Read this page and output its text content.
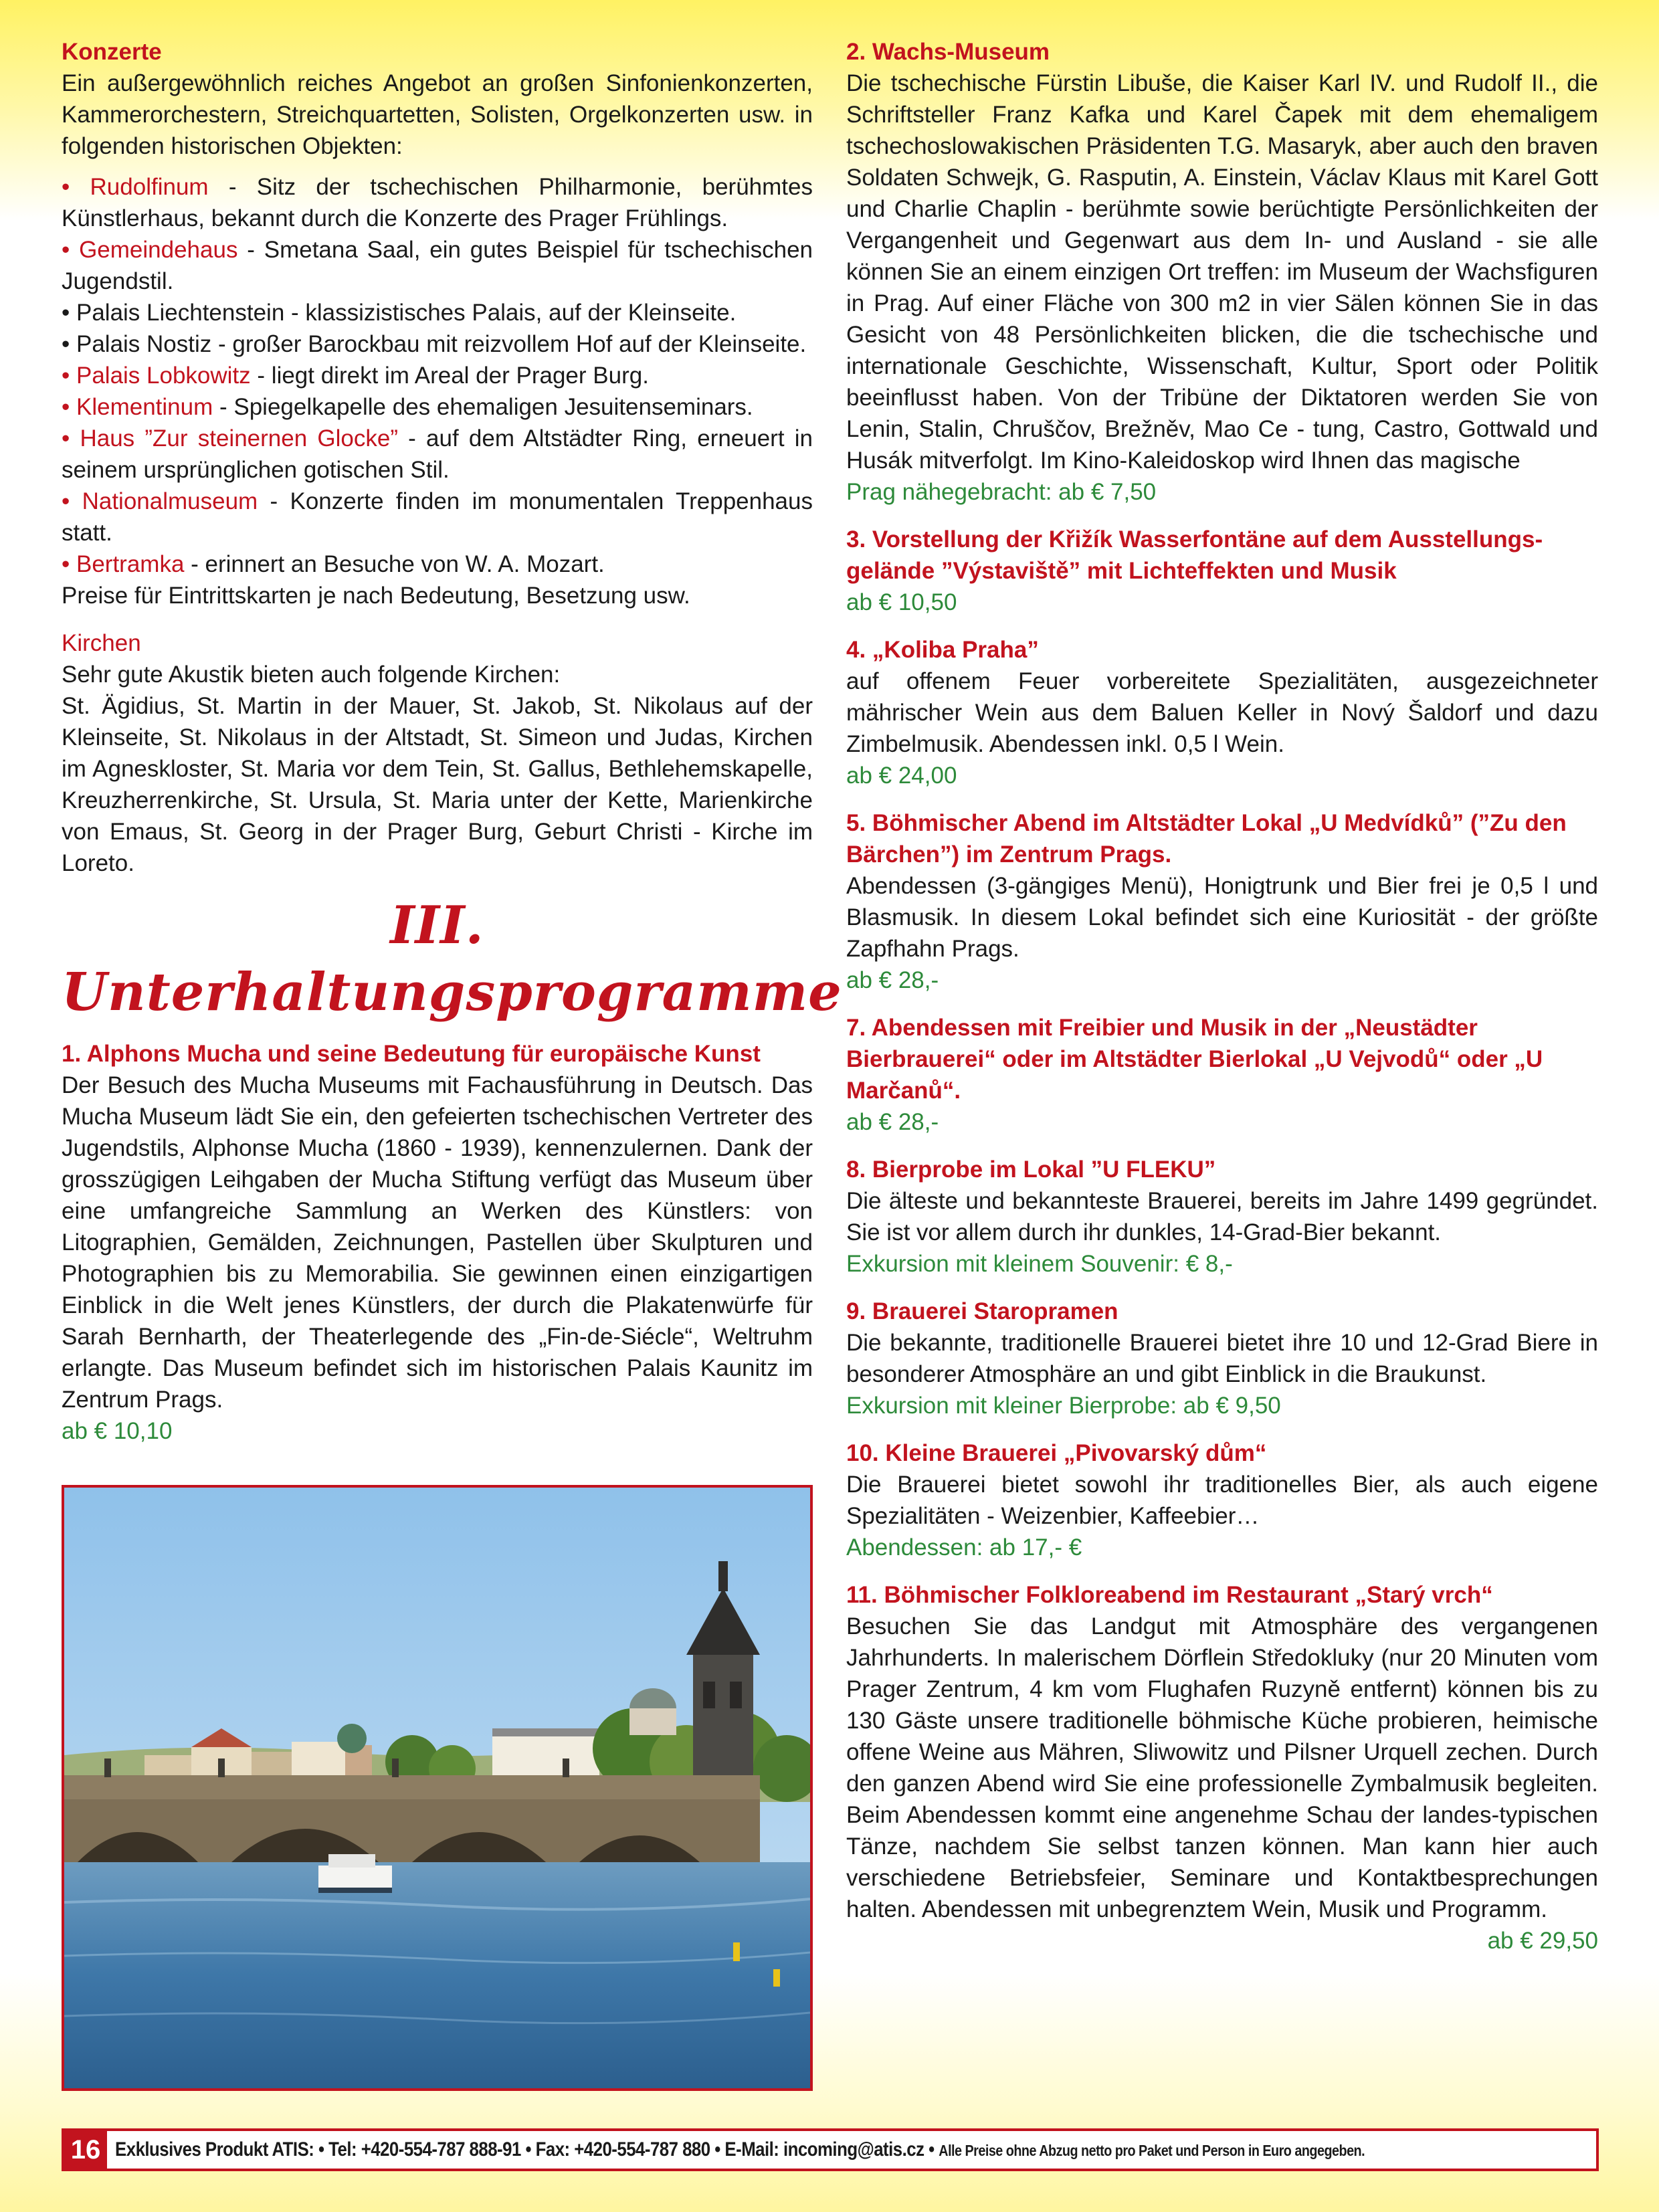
Konzerte

Ein außergewöhnlich reiches Angebot an großen Sinfonienkonzerten, Kammerorchestern, Streichquartetten, Solisten, Orgelkonzerten usw. in folgenden historischen Objekten:

• Rudolfinum - Sitz der tschechischen Philharmonie, berühmtes Künstlerhaus, bekannt durch die Konzerte des Prager Frühlings.
• Gemeindehaus - Smetana Saal, ein gutes Beispiel für tschechischen Jugendstil.
• Palais Liechtenstein - klassizistisches Palais, auf der Kleinseite.
• Palais Nostiz - großer Barockbau mit reizvollem Hof auf der Kleinseite.
• Palais Lobkowitz - liegt direkt im Areal der Prager Burg.
• Klementinum - Spiegelkapelle des ehemaligen Jesuitenseminars.
• Haus ”Zur steinernen Glocke” - auf dem Altstädter Ring, erneuert in seinem ursprünglichen gotischen Stil.
• Nationalmuseum - Konzerte finden im monumentalen Treppenhaus statt.
• Bertramka - erinnert an Besuche von W. A. Mozart.

Preise für Eintrittskarten je nach Bedeutung, Besetzung usw.

Kirchen

Sehr gute Akustik bieten auch folgende Kirchen:

St. Ägidius, St. Martin in der Mauer, St. Jakob, St. Nikolaus auf der Kleinseite, St. Nikolaus in der Altstadt, St. Simeon und Judas, Kirchen im Agneskloster, St. Maria vor dem Tein, St. Gallus, Bethlehemskapelle, Kreuzherrenkirche, St. Ursula, St. Maria unter der Kette, Marienkirche von Emaus, St. Georg in der Prager Burg, Geburt Christi - Kirche im Loreto.

III. Unterhaltungsprogramme
1. Alphons Mucha und seine Bedeutung für europäische Kunst

Der Besuch des Mucha Museums mit Fachausführung in Deutsch. Das Mucha Museum lädt Sie ein, den gefeierten tschechischen Vertreter des Jugendstils, Alphonse Mucha (1860 - 1939), kennenzulernen. Dank der grosszügigen Leihgaben der Mucha Stiftung verfügt das Museum über eine umfangreiche Sammlung an Werken des Künstlers: von Litographien, Gemälden, Zeichnungen, Pastellen über Skulpturen und Photographien bis zu Memorabilia. Sie gewinnen einen einzigartigen Einblick in die Welt jenes Künstlers, der durch die Plakatenwürfe für Sarah Bernharth, der Theaterlegende des „Fin-de-Siécle“, Weltruhm erlangte. Das Museum befindet sich im historischen Palais Kaunitz im Zentrum Prags.

ab € 10,10
2. Wachs-Museum

Die tschechische Fürstin Libuše, die Kaiser Karl IV. und Rudolf II., die Schriftsteller Franz Kafka und Karel Čapek mit dem ehemaligem tschechoslowakischen Präsidenten T.G. Masaryk, aber auch den braven Soldaten Schwejk, G. Rasputin, A. Einstein, Václav Klaus mit Karel Gott und Charlie Chaplin - berühmte sowie berüchtigte Persönlichkeiten der Vergangenheit und Gegenwart aus dem In- und Ausland - sie alle können Sie an einem einzigen Ort treffen: im Museum der Wachsfiguren in Prag. Auf einer Fläche von 300 m2 in vier Sälen können Sie in das Gesicht von 48 Persönlichkeiten blicken, die die tschechische und internationale Geschichte, Wissenschaft, Kultur, Sport oder Politik beeinflusst haben. Von der Tribüne der Diktatoren werden Sie von Lenin, Stalin, Chruščov, Brežněv, Mao Ce - tung, Castro, Gottwald und Husák mitverfolgt. Im Kino-Kaleidoskop wird Ihnen das magische

Prag nähegebracht: ab € 7,50
3. Vorstellung der Křižík Wasserfontäne auf dem Ausstellungs-gelände ”Výstaviště” mit Lichteffekten und Musik
ab € 10,50
4. „Koliba Praha”

auf offenem Feuer vorbereitete Spezialitäten, ausgezeichneter mährischer Wein aus dem Baluen Keller in Nový Šaldorf und dazu Zimbelmusik. Abendessen inkl. 0,5 l Wein.

ab € 24,00
5. Böhmischer Abend im Altstädter Lokal „U Medvídků” (”Zu den Bärchen”) im Zentrum Prags.

Abendessen (3-gängiges Menü), Honigtrunk und Bier frei je 0,5 l und Blasmusik. In diesem Lokal befindet sich eine Kuriosität - der größte Zapfhahn Prags.

ab € 28,-
7. Abendessen mit Freibier und Musik in der „Neustädter Bierbrauerei“ oder im Altstädter Bierlokal „U Vejvodů“ oder „U Marčanů“.
ab € 28,-
8. Bierprobe im Lokal ”U FLEKU”

Die älteste und bekannteste Brauerei, bereits im Jahre 1499 gegründet. Sie ist vor allem durch ihr dunkles, 14-Grad-Bier bekannt.

Exkursion mit kleinem Souvenir: € 8,-
9. Brauerei Staropramen

Die bekannte, traditionelle Brauerei bietet ihre 10 und 12-Grad Biere in besonderer Atmosphäre an und gibt Einblick in die Braukunst.

Exkursion mit kleiner Bierprobe: ab € 9,50
10. Kleine Brauerei „Pivovarský dům“

Die Brauerei bietet sowohl ihr traditionelles Bier, als auch eigene Spezialitäten - Weizenbier, Kaffeebier…

Abendessen: ab 17,- €
11. Böhmischer Folkloreabend im Restaurant „Starý vrch“

Besuchen Sie das Landgut mit Atmosphäre des vergangenen Jahrhunderts. In malerischem Dörflein Středokluky (nur 20 Minuten vom Prager Zentrum, 4 km vom Flughafen Ruzyně entfernt) können bis zu 130 Gäste unsere traditionelle böhmische Küche probieren, heimische offene Weine aus Mähren, Sliwowitz und Pilsner Urquell zechen. Durch den ganzen Abend wird Sie eine professionelle Zymbalmusik begleiten. Beim Abendessen kommt eine angenehme Schau der landes-typischen Tänze, nachdem Sie selbst tanzen können. Man kann hier auch verschiedene Betriebsfeier, Seminare und Kontaktbesprechungen halten. Abendessen mit unbegrenztem Wein, Musik und Programm.

ab € 29,50
16 Exklusives Produkt ATIS: • Tel: +420-554-787 888-91 • Fax: +420-554-787 880 • E-Mail: incoming@atis.cz • Alle Preise ohne Abzug netto pro Paket und Person in Euro angegeben.
